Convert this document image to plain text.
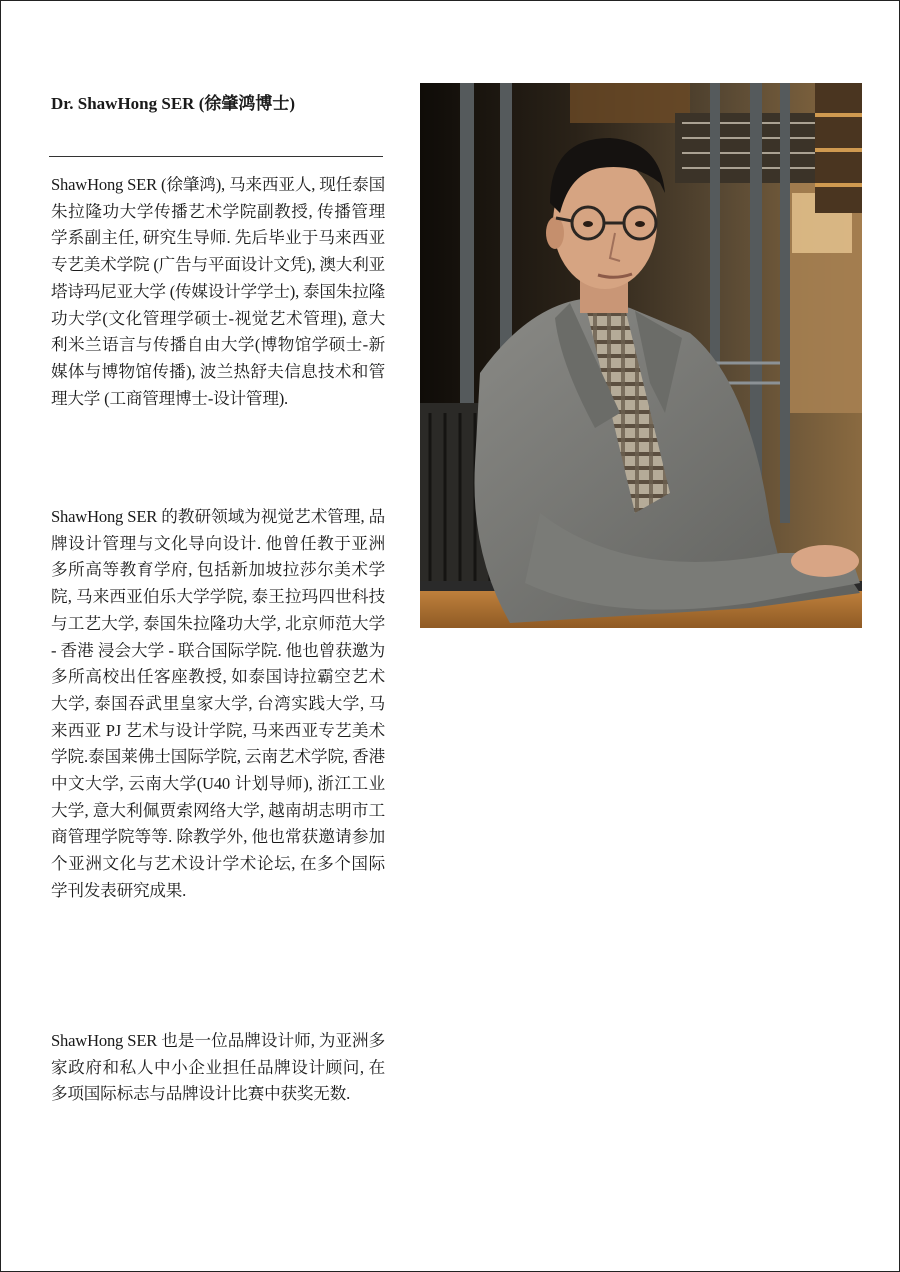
Dr. ShawHong SER (徐肇鸿博士)

ShawHong SER (徐肇鸿), 马来西亚人, 现任泰国朱拉隆功大学传播艺术学院副教授, 传播管理学系副主任, 研究生导师. 先后毕业于马来西亚专艺美术学院 (广告与平面设计文凭), 澳大利亚塔诗玛尼亚大学 (传媒设计学学士), 泰国朱拉隆功大学(文化管理学硕士-视觉艺术管理), 意大利米兰语言与传播自由大学(博物馆学硕士-新媒体与博物馆传播), 波兰热舒夫信息技术和管理大学 (工商管理博士-设计管理).

ShawHong SER 的教研领域为视觉艺术管理, 品牌设计管理与文化导向设计. 他曾任教于亚洲多所高等教育学府, 包括新加坡拉莎尔美术学院, 马来西亚伯乐大学学院, 泰王拉玛四世科技与工艺大学, 泰国朱拉隆功大学, 北京师范大学 - 香港 浸会大学 - 联合国际学院. 他也曾获邀为多所高校出任客座教授, 如泰国诗拉霸空艺术大学, 泰国吞武里皇家大学, 台湾实践大学, 马来西亚 PJ 艺术与设计学院, 马来西亚专艺美术学院.泰国莱佛士国际学院, 云南艺术学院, 香港中文大学, 云南大学(U40 计划导师), 浙江工业大学, 意大利佩贾索网络大学, 越南胡志明市工商管理学院等等. 除教学外, 他也常获邀请参加个亚洲文化与艺术设计学术论坛, 在多个国际学刊发表研究成果.

ShawHong SER 也是一位品牌设计师, 为亚洲多家政府和私人中小企业担任品牌设计顾问, 在多项国际标志与品牌设计比赛中获奖无数.
